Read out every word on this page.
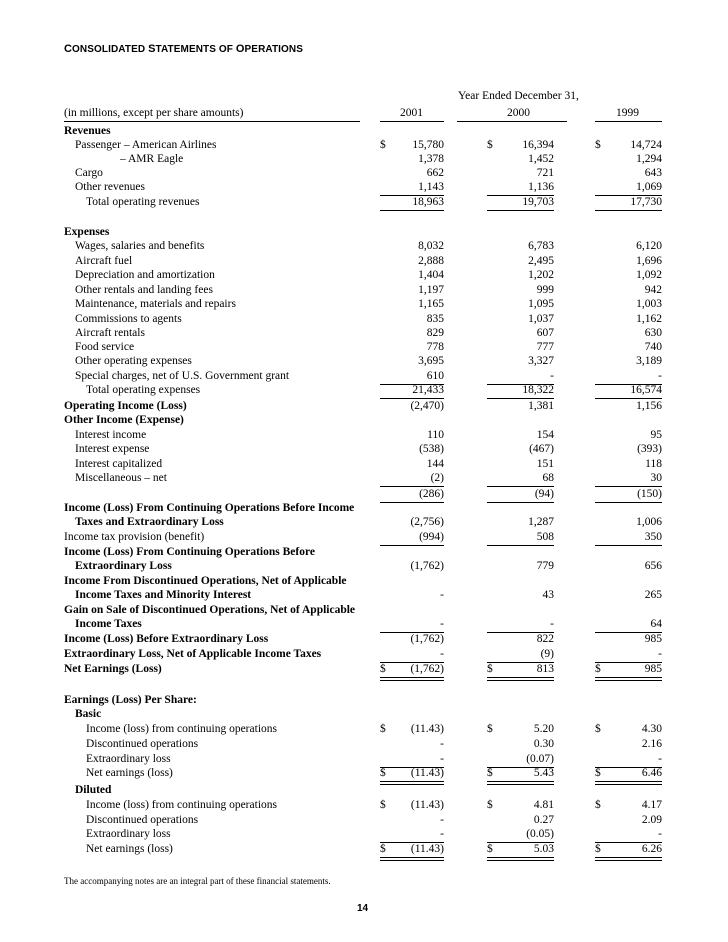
CONSOLIDATED STATEMENTS OF OPERATIONS
Year Ended December 31,
(in millions, except per share amounts)	2001	2000	1999
Revenues
Passenger – American Airlines	$	15,780	$	16,394	$	14,724
– AMR Eagle	1,378	1,452	1,294
Cargo	662	721	643
Other revenues	1,143	1,136	1,069
Total operating revenues	18,963	19,703	17,730
Expenses
Wages, salaries and benefits	8,032	6,783	6,120
Aircraft fuel	2,888	2,495	1,696
Depreciation and amortization	1,404	1,202	1,092
Other rentals and landing fees	1,197	999	942
Maintenance, materials and repairs	1,165	1,095	1,003
Commissions to agents	835	1,037	1,162
Aircraft rentals	829	607	630
Food service	778	777	740
Other operating expenses	3,695	3,327	3,189
Special charges, net of U.S. Government grant	610	-	-
Total operating expenses	21,433	18,322	16,574
Operating Income (Loss)	(2,470)	1,381	1,156
Other Income (Expense)
Interest income	110	154	95
Interest expense	(538)	(467)	(393)
Interest capitalized	144	151	118
Miscellaneous – net	(2)	68	30
(286)	(94)	(150)
Income (Loss) From Continuing Operations Before Income
Taxes and Extraordinary Loss	(2,756)	1,287	1,006
Income tax provision (benefit)	(994)	508	350
Income (Loss) From Continuing Operations Before
Extraordinary Loss	(1,762)	779	656
Income From Discontinued Operations, Net of Applicable
Income Taxes and Minority Interest	-	43	265
Gain on Sale of Discontinued Operations, Net of Applicable
Income Taxes	-	-	64
Income (Loss) Before Extraordinary Loss	(1,762)	822	985
Extraordinary Loss, Net of Applicable Income Taxes	-	(9)	-
Net Earnings (Loss)	$	(1,762)	$	813	$	985
Earnings (Loss) Per Share:
Basic
Income (loss) from continuing operations	$	(11.43)	$	5.20	$	4.30
Discontinued operations	-	0.30	2.16
Extraordinary loss	-	(0.07)	-
Net earnings (loss)	$	(11.43)	$	5.43	$	6.46
Diluted
Income (loss) from continuing operations	$	(11.43)	$	4.81	$	4.17
Discontinued operations	-	0.27	2.09
Extraordinary loss	-	(0.05)	-
Net earnings (loss)	$	(11.43)	$	5.03	$	6.26
The accompanying notes are an integral part of these financial statements.
14
